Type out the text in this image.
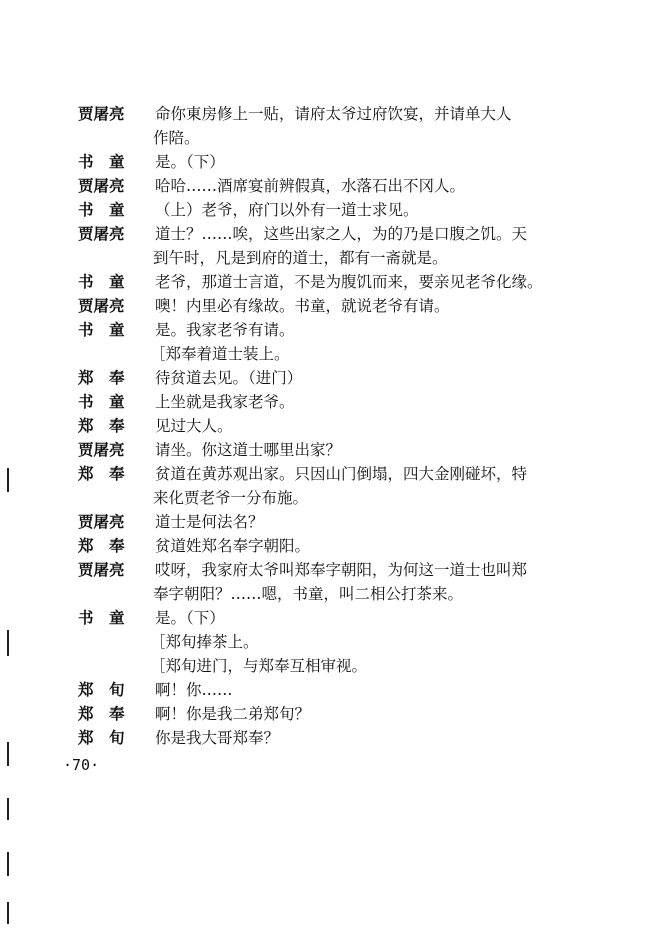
贾屠亮	命你東房修上一贴，请府太爷过府饮宴，并请单大人
作陪。
书　童	是。（下）
贾屠亮	哈哈……酒席宴前辨假真，水落石出不冈人。
书　童	（上）老爷，府门以外有一道士求见。
贾屠亮	道士？……唉，这些出家之人，为的乃是口腹之饥。天
到午时，凡是到府的道士，都有一斋就是。
书　童	老爷，那道士言道，不是为腹饥而来，要亲见老爷化缘。
贾屠亮	噢！内里必有缘故。书童，就说老爷有请。
书　童	是。我家老爷有请。
［郑奉着道士装上。
郑　奉	待贫道去见。（进门）
书　童	上坐就是我家老爷。
郑　奉	见过大人。
贾屠亮	请坐。你这道士哪里出家？
郑　奉	贫道在黄苏观出家。只因山门倒塌，四大金刚碰坏，特
来化贾老爷一分布施。
贾屠亮	道士是何法名？
郑　奉	贫道姓郑名奉字朝阳。
贾屠亮	哎呀，我家府太爷叫郑奉字朝阳，为何这一道士也叫郑
奉字朝阳？……嗯，书童，叫二相公打茶来。
书　童	是。（下）
［郑旬捧茶上。
［郑旬进门，与郑奉互相审视。
郑　旬	啊！你……
郑　奉	啊！你是我二弟郑旬？
郑　旬	你是我大哥郑奉？
·70·
